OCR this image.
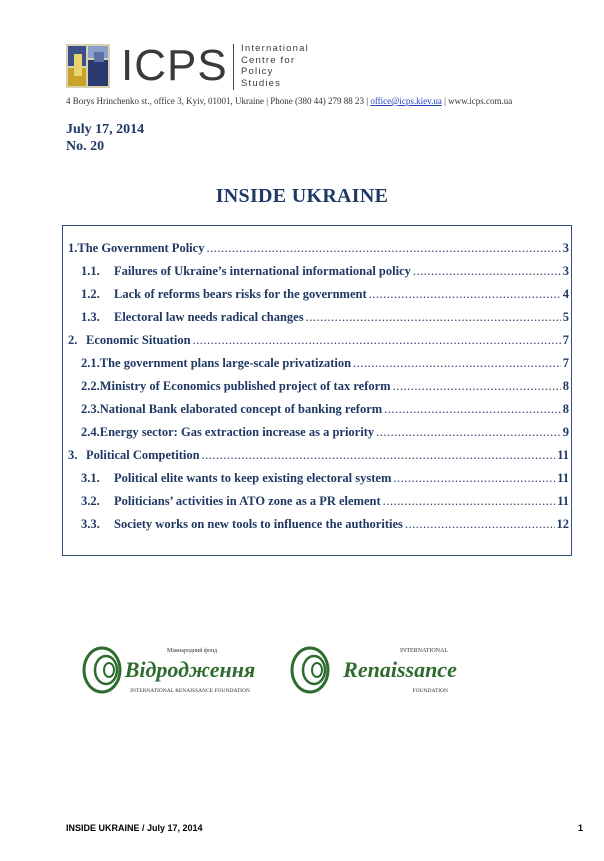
ICPS International
Centre for
Policy
Studies
4 Borys Hrinchenko st., office 3, Kyiv, 01001, Ukraine | Phone (380 44) 279 88 23 | office@icps.kiev.ua | www.icps.com.ua
July 17, 2014
No. 20
INSIDE UKRAINE
1. The Government Policy .....	3
1.1.	Failures of Ukraine’s international informational policy .....	3
1.2.	Lack of reforms bears risks for the government .....	4
1.3.	Electoral law needs radical changes .....	5
2. Economic Situation .....	7
2.1. The government plans large-scale privatization .....	7
2.2. Ministry of Economics published project of tax reform .....	8
2.3. National Bank elaborated concept of banking reform .....	8
2.4. Energy sector: Gas extraction increase as a priority .....	9
3. Political Competition .....	11
3.1.	Political elite wants to keep existing electoral system .....	11
3.2.	Politicians’ activities in ATO zone as a PR element .....	11
3.3.	Society works on new tools to influence the authorities .....	12
Міжнародний фонд
Відродження
INTERNATIONAL RENAISSANCE FOUNDATION
INTERNATIONAL
Renaissance
FOUNDATION
INSIDE UKRAINE / July 17, 2014	1
